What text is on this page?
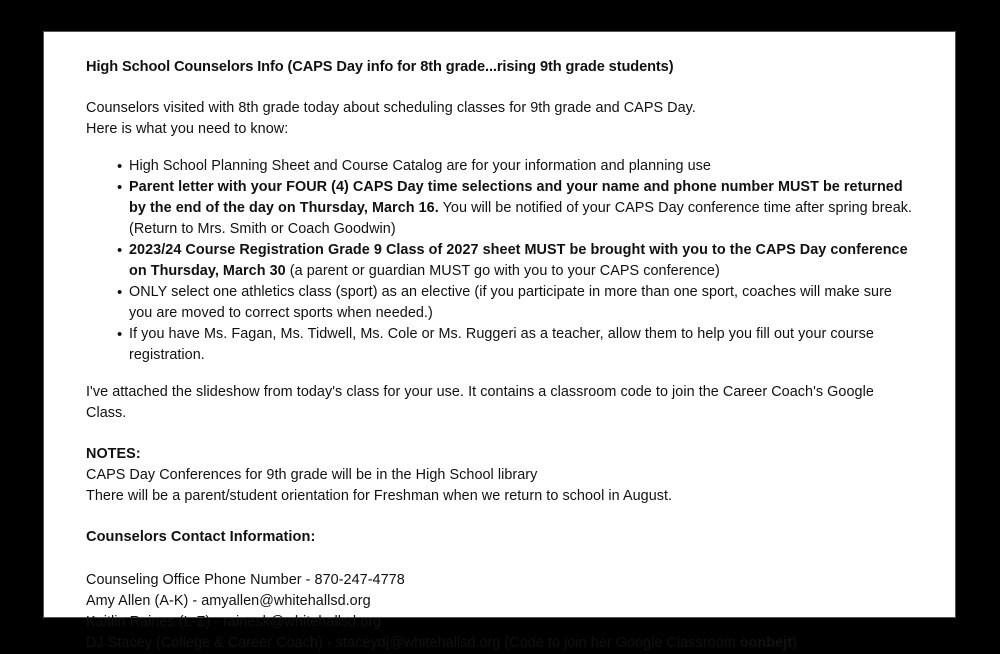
High School Counselors Info (CAPS Day info for 8th grade...rising 9th grade students)
Counselors visited with 8th grade today about scheduling classes for 9th grade and CAPS Day.
Here is what you need to know:
• High School Planning Sheet and Course Catalog are for your information and planning use
• Parent letter with your FOUR (4) CAPS Day time selections and your name and phone number MUST be returned by the end of the day on Thursday, March 16. You will be notified of your CAPS Day conference time after spring break. (Return to Mrs. Smith or Coach Goodwin)
• 2023/24 Course Registration Grade 9 Class of 2027 sheet MUST be brought with you to the CAPS Day conference on Thursday, March 30 (a parent or guardian MUST go with you to your CAPS conference)
• ONLY select one athletics class (sport) as an elective (if you participate in more than one sport, coaches will make sure you are moved to correct sports when needed.)
• If you have Ms. Fagan, Ms. Tidwell, Ms. Cole or Ms. Ruggeri as a teacher, allow them to help you fill out your course registration.
I've attached the slideshow from today's class for your use. It contains a classroom code to join the Career Coach's Google Class.
NOTES:
CAPS Day Conferences for 9th grade will be in the High School library
There will be a parent/student orientation for Freshman when we return to school in August.
Counselors Contact Information:
Counseling Office Phone Number - 870-247-4778
Amy Allen (A-K) - amyallen@whitehallsd.org
Kaitlin Raines (L-Z) - rainesk@whitehallsd.org
DJ Stacey (College & Career Coach) - staceydj@whitehallsd.org (Code to join her Google Classroom oonbejt)
